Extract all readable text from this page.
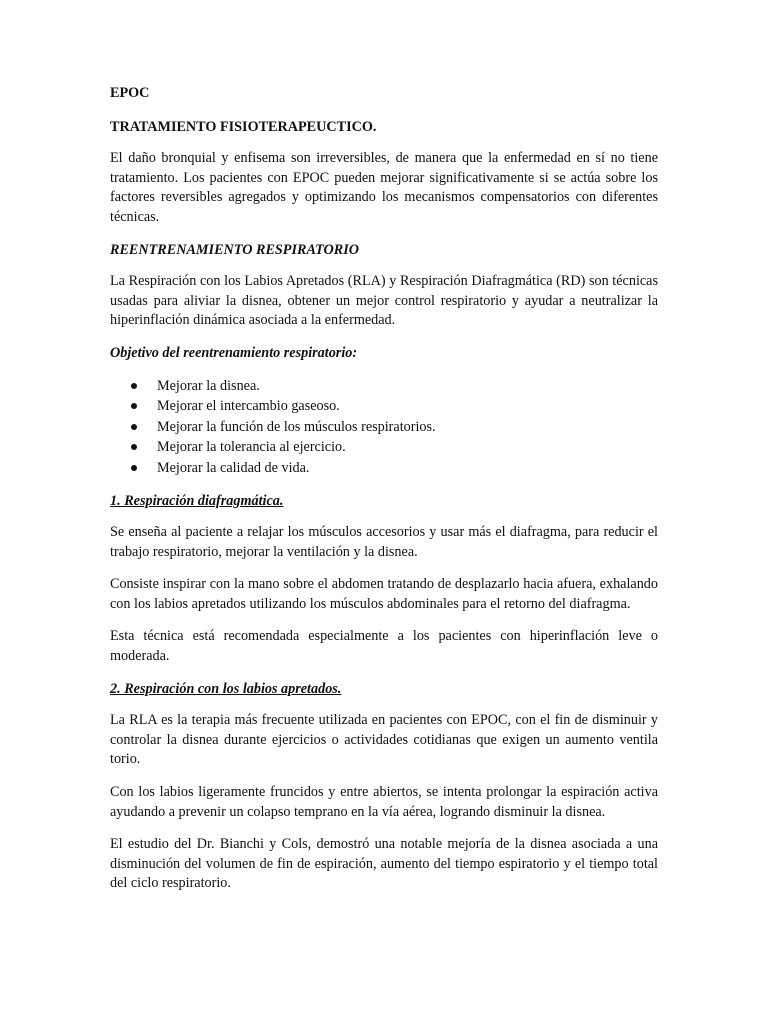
EPOC

TRATAMIENTO FISIOTERAPEUCTICO.

El daño bronquial y enfisema son irreversibles, de manera que la enfermedad en sí no tiene tratamiento. Los pacientes con EPOC pueden mejorar significativamente si se actúa sobre los factores reversibles agregados y optimizando los mecanismos compensatorios con diferentes técnicas.

REENTRENAMIENTO RESPIRATORIO

La Respiración con los Labios Apretados (RLA) y Respiración Diafragmática (RD) son técnicas usadas para aliviar la disnea, obtener un mejor control respiratorio y ayudar a neutralizar la hiperinflación dinámica asociada a la enfermedad.

Objetivo del reentrenamiento respiratorio:

Mejorar la disnea.
Mejorar el intercambio gaseoso.
Mejorar la función de los músculos respiratorios.
Mejorar la tolerancia al ejercicio.
Mejorar la calidad de vida.

1. Respiración diafragmática.

Se enseña al paciente a relajar los músculos accesorios y usar más el diafragma, para reducir el trabajo respiratorio, mejorar la ventilación y la disnea.

Consiste inspirar con la mano sobre el abdomen tratando de desplazarlo hacia afuera, exhalando con los labios apretados utilizando los músculos abdominales para el retorno del diafragma.

Esta técnica está recomendada especialmente a los pacientes con hiperinflación leve o moderada.

2. Respiración con los labios apretados.

La RLA es la terapia más frecuente utilizada en pacientes con EPOC, con el fin de disminuir y controlar la disnea durante ejercicios o actividades cotidianas que exigen un aumento ventila torio.

Con los labios ligeramente fruncidos y entre abiertos, se intenta prolongar la espiración activa ayudando a prevenir un colapso temprano en la vía aérea, logrando disminuir la disnea.

El estudio del Dr. Bianchi y Cols, demostró una notable mejoría de la disnea asociada a una disminución del volumen de fin de espiración, aumento del tiempo espiratorio y el tiempo total del ciclo respiratorio.
